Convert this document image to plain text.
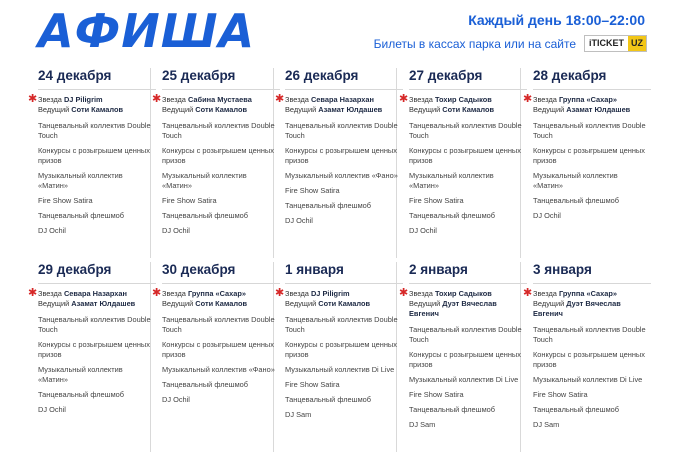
АФИША	Каждый день 18:00–22:00
Билеты в кассах парка или на сайте	iTICKET UZ
24 декабря
✱ Звезда DJ Piligrim
Ведущий Соти Камалов
Танцевальный коллектив Double Touch
Конкурсы с розыгрышем ценных призов
Музыкальный коллектив «Матин»
Fire Show Satira
Танцевальный флешмоб
DJ Ochil
25 декабря
✱ Звезда Сабина Мустаева
Ведущий Соти Камалов
Танцевальный коллектив Double Touch
Конкурсы с розыгрышем ценных призов
Музыкальный коллектив «Матин»
Fire Show Satira
Танцевальный флешмоб
DJ Ochil
26 декабря
✱ Звезда Севара Назархан
Ведущий Азамат Юлдашев
Танцевальный коллектив Double Touch
Конкурсы с розыгрышем ценных призов
Музыкальный коллектив «Фано»
Fire Show Satira
Танцевальный флешмоб
DJ Ochil
27 декабря
✱ Звезда Тохир Садыков
Ведущий Соти Камалов
Танцевальный коллектив Double Touch
Конкурсы с розыгрышем ценных призов
Музыкальный коллектив «Матин»
Fire Show Satira
Танцевальный флешмоб
DJ Ochil
28 декабря
✱ Звезда Группа «Сахар»
Ведущий Азамат Юлдашев
Танцевальный коллектив Double Touch
Конкурсы с розыгрышем ценных призов
Музыкальный коллектив «Матин»
Танцевальный флешмоб
DJ Ochil
29 декабря
✱ Звезда Севара Назархан
Ведущий Азамат Юлдашев
Танцевальный коллектив Double Touch
Конкурсы с розыгрышем ценных призов
Музыкальный коллектив «Матин»
Танцевальный флешмоб
DJ Ochil
30 декабря
✱ Звезда Группа «Сахар»
Ведущий Соти Камалов
Танцевальный коллектив Double Touch
Конкурсы с розыгрышем ценных призов
Музыкальный коллектив «Фано»
Танцевальный флешмоб
DJ Ochil
1 января
✱ Звезда DJ Piligrim
Ведущий Соти Камалов
Танцевальный коллектив Double Touch
Конкурсы с розыгрышем ценных призов
Музыкальный коллектив Di Live
Fire Show Satira
Танцевальный флешмоб
DJ Sam
2 января
✱ Звезда Тохир Садыков
Ведущий Дуэт Вячеслав Евгенич
Танцевальный коллектив Double Touch
Конкурсы с розыгрышем ценных призов
Музыкальный коллектив Di Live
Fire Show Satira
Танцевальный флешмоб
DJ Sam
3 января
✱ Звезда Группа «Сахар»
Ведущий Дуэт Вячеслав Евгенич
Танцевальный коллектив Double Touch
Конкурсы с розыгрышем ценных призов
Музыкальный коллектив Di Live
Fire Show Satira
Танцевальный флешмоб
DJ Sam
